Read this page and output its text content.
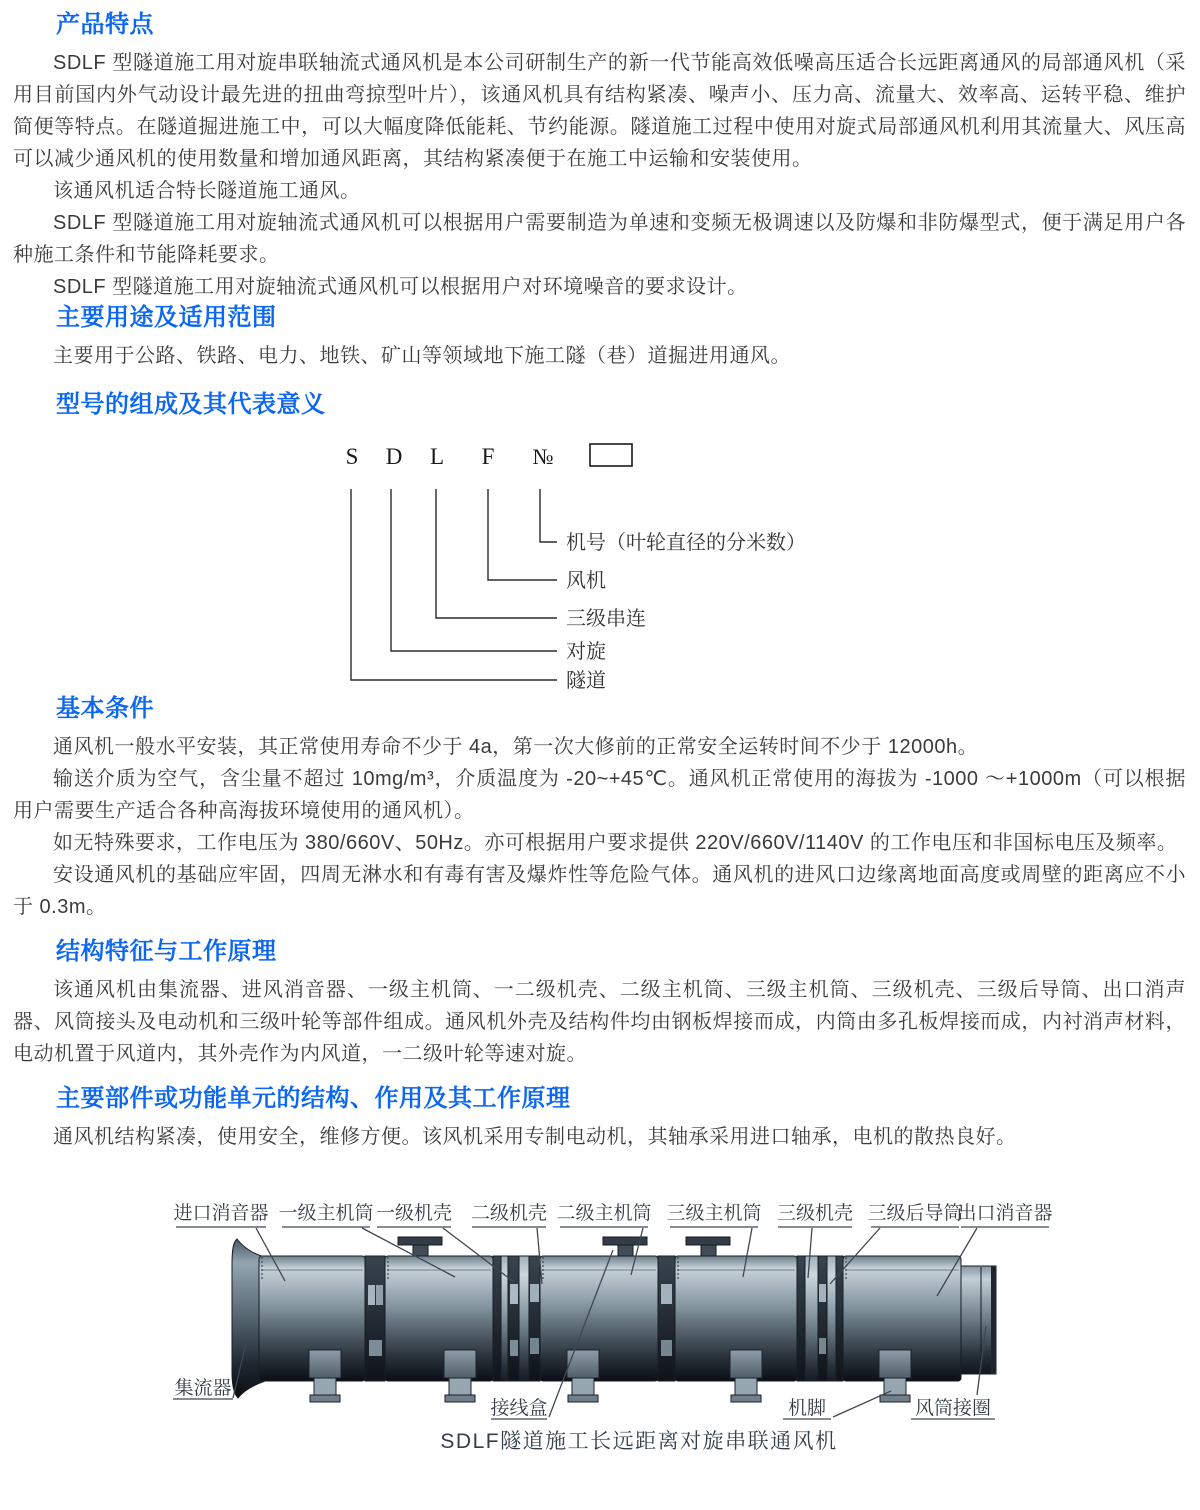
产品特点

SDLF 型隧道施工用对旋串联轴流式通风机是本公司研制生产的新一代节能高效低噪高压适合长远距离通风的局部通风机（采用目前国内外气动设计最先进的扭曲弯掠型叶片），该通风机具有结构紧凑、噪声小、压力高、流量大、效率高、运转平稳、维护简便等特点。在隧道掘进施工中，可以大幅度降低能耗、节约能源。隧道施工过程中使用对旋式局部通风机利用其流量大、风压高可以减少通风机的使用数量和增加通风距离，其结构紧凑便于在施工中运输和安装使用。

该通风机适合特长隧道施工通风。

SDLF 型隧道施工用对旋轴流式通风机可以根据用户需要制造为单速和变频无极调速以及防爆和非防爆型式，便于满足用户各种施工条件和节能降耗要求。

SDLF 型隧道施工用对旋轴流式通风机可以根据用户对环境噪音的要求设计。

主要用途及适用范围

主要用于公路、铁路、电力、地铁、矿山等领域地下施工隧（巷）道掘进用通风。

型号的组成及其代表意义
S D L F №
机号（叶轮直径的分米数）
风机
三级串连
对旋
隧道
基本条件

通风机一般水平安装，其正常使用寿命不少于 4a，第一次大修前的正常安全运转时间不少于 12000h。

输送介质为空气，含尘量不超过 10mg/m³，介质温度为 -20~+45℃。通风机正常使用的海拔为 -1000 ～+1000m（可以根据用户需要生产适合各种高海拔环境使用的通风机）。

如无特殊要求，工作电压为 380/660V、50Hz。亦可根据用户要求提供 220V/660V/1140V 的工作电压和非国标电压及频率。

安设通风机的基础应牢固，四周无淋水和有毒有害及爆炸性等危险气体。通风机的进风口边缘离地面高度或周壁的距离应不小于 0.3m。

结构特征与工作原理

该通风机由集流器、进风消音器、一级主机筒、一二级机壳、二级主机筒、三级主机筒、三级机壳、三级后导筒、出口消声器、风筒接头及电动机和三级叶轮等部件组成。通风机外壳及结构件均由钢板焊接而成，内筒由多孔板焊接而成，内衬消声材料，电动机置于风道内，其外壳作为内风道，一二级叶轮等速对旋。

主要部件或功能单元的结构、作用及其工作原理

通风机结构紧凑，使用安全，维修方便。该风机采用专制电动机，其轴承采用进口轴承，电机的散热良好。

进口消音器 一级主机筒 一级机壳 二级机壳 二级主机筒 三级主机筒 三级机壳 三级后导筒
出口消音器
集流器
接线盒	机脚	风筒接圈
SDLF隧道施工长远距离对旋串联通风机
